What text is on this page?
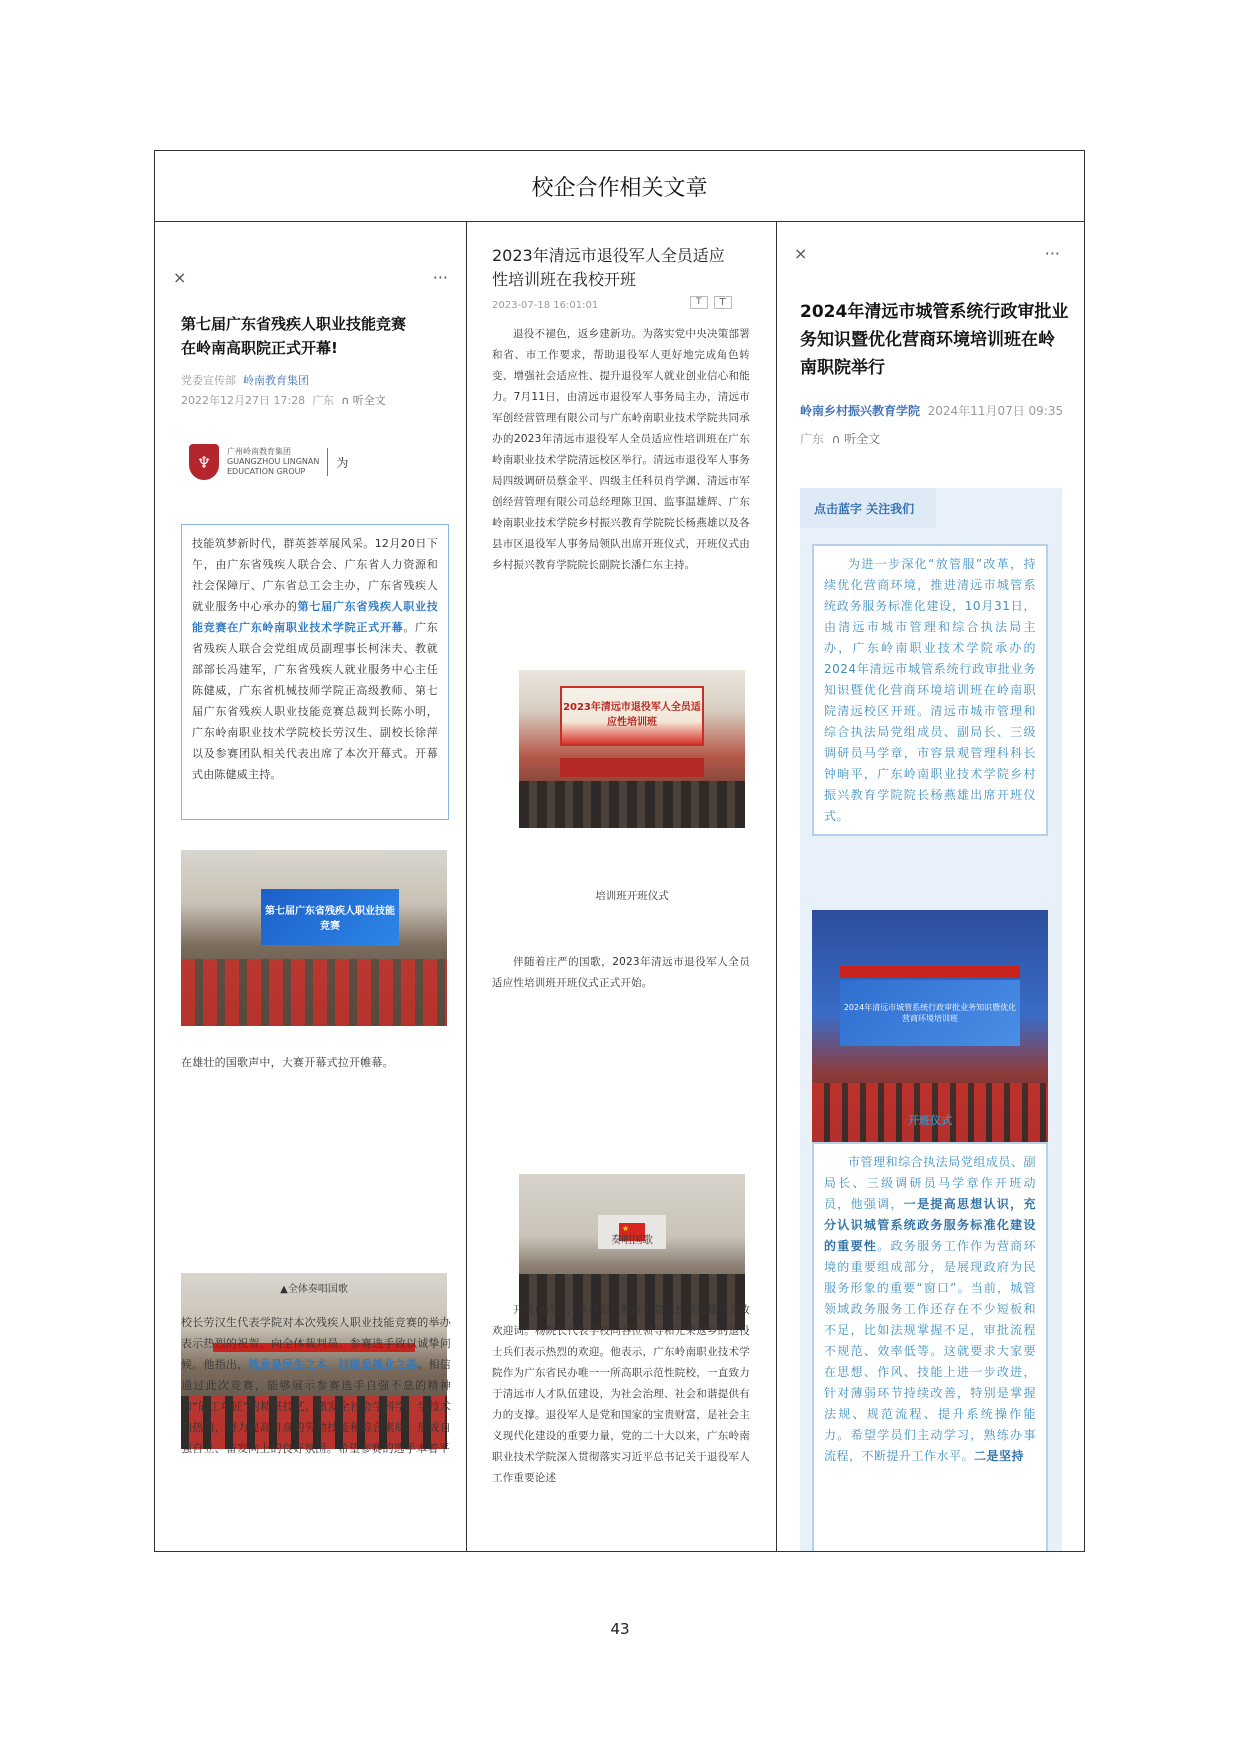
校企合作相关文章
×	···
第七届广东省残疾人职业技能竞赛
在岭南高职院正式开幕!
党委宣传部 岭南教育集团
2022年12月27日 17:28 广东 ∩ 听全文
♆
广州岭南教育集团
GUANGZHOU LINGNAN
EDUCATION GROUP
为
技能筑梦新时代，群英荟萃展风采。12月20日下午，由广东省残疾人联合会、广东省人力资源和社会保障厅、广东省总工会主办，广东省残疾人就业服务中心承办的第七届广东省残疾人职业技能竞赛在广东岭南职业技术学院正式开幕。广东省残疾人联合会党组成员副理事长柯沫夫、教就部部长冯建军，广东省残疾人就业服务中心主任陈健威，广东省机械技师学院正高级教师、第七届广东省残疾人职业技能竞赛总裁判长陈小明，广东岭南职业技术学院校长劳汉生、副校长徐萍以及参赛团队相关代表出席了本次开幕式。开幕式由陈健威主持。
第七届广东省残疾人职业技能竞赛
在雄壮的国歌声中，大赛开幕式拉开帷幕。
▲全体奏唱国歌
校长劳汉生代表学院对本次残疾人职业技能竞赛的举办表示热烈的祝贺，向全体裁判员、参赛选手致以诚挚问候。他指出，就业是民生之本，技能是就业之基。相信通过此次竞赛，能够展示参赛选手自强不息的精神和“能工巧匠”的精湛技艺，激发全社会学科学、学技术的热情，努力提高自身的劳动技能和综合素质，形成自强自立、奋发向上的良好氛围。希望参赛的选手本着平
2023年清远市退役军人全员适应
性培训班在我校开班
2023-07-18 16:01:01	T	T
退役不褪色，返乡建新功。为落实党中央决策部署和省、市工作要求，帮助退役军人更好地完成角色转变、增强社会适应性、提升退役军人就业创业信心和能力。7月11日，由清远市退役军人事务局主办，清远市军创经营管理有限公司与广东岭南职业技术学院共同承办的2023年清远市退役军人全员适应性培训班在广东岭南职业技术学院清远校区举行。清远市退役军人事务局四级调研员蔡金平、四级主任科员肖学渊、清远市军创经营管理有限公司总经理陈卫国、监事温雄辉、广东岭南职业技术学院乡村振兴教育学院院长杨燕雄以及各县市区退役军人事务局领队出席开班仪式，开班仪式由乡村振兴教育学院院长副院长潘仁东主持。
2023年清远市退役军人全员适应性培训班
培训班开班仪式
伴随着庄严的国歌，2023年清远市退役军人全员适应性培训班开班仪式正式开始。
★
奏唱国歌
开班仪式上，乡村振兴教育学院院长杨燕雄首先致欢迎词。杨院长代表学校向各位领导和光荣返乡的退役士兵们表示热烈的欢迎。他表示，广东岭南职业技术学院作为广东省民办唯一一所高职示范性院校，一直致力于清远市人才队伍建设，为社会治理、社会和谐提供有力的支撑。退役军人是党和国家的宝贵财富，是社会主义现代化建设的重要力量，党的二十大以来，广东岭南职业技术学院深入贯彻落实习近平总书记关于退役军人工作重要论述
×	···
2024年清远市城管系统行政审批业
务知识暨优化营商环境培训班在岭
南职院举行
岭南乡村振兴教育学院 2024年11月07日 09:35
广东 ∩ 听全文
点击蓝字 关注我们
为进一步深化“放管服”改革，持续优化营商环境，推进清远市城管系统政务服务标准化建设，10月31日，由清远市城市管理和综合执法局主办，广东岭南职业技术学院承办的2024年清远市城管系统行政审批业务知识暨优化营商环境培训班在岭南职院清远校区开班。清远市城市管理和综合执法局党组成员、副局长、三级调研员马学章，市容景观管理科科长钟晌平，广东岭南职业技术学院乡村振兴教育学院院长杨燕雄出席开班仪式。
2024年清远市城管系统行政审批业务知识暨优化营商环境培训班
开班仪式
市管理和综合执法局党组成员、副局长、三级调研员马学章作开班动员，他强调，一是提高思想认识，充分认识城管系统政务服务标准化建设的重要性。政务服务工作作为营商环境的重要组成部分，是展现政府为民服务形象的重要“窗口”。当前，城管领域政务服务工作还存在不少短板和不足，比如法规掌握不足，审批流程不规范、效率低等。这就要求大家要在思想、作风、技能上进一步改进，针对薄弱环节持续改善，特别是掌握法规、规范流程、提升系统操作能力。希望学员们主动学习，熟练办事流程，不断提升工作水平。二是坚持
43
